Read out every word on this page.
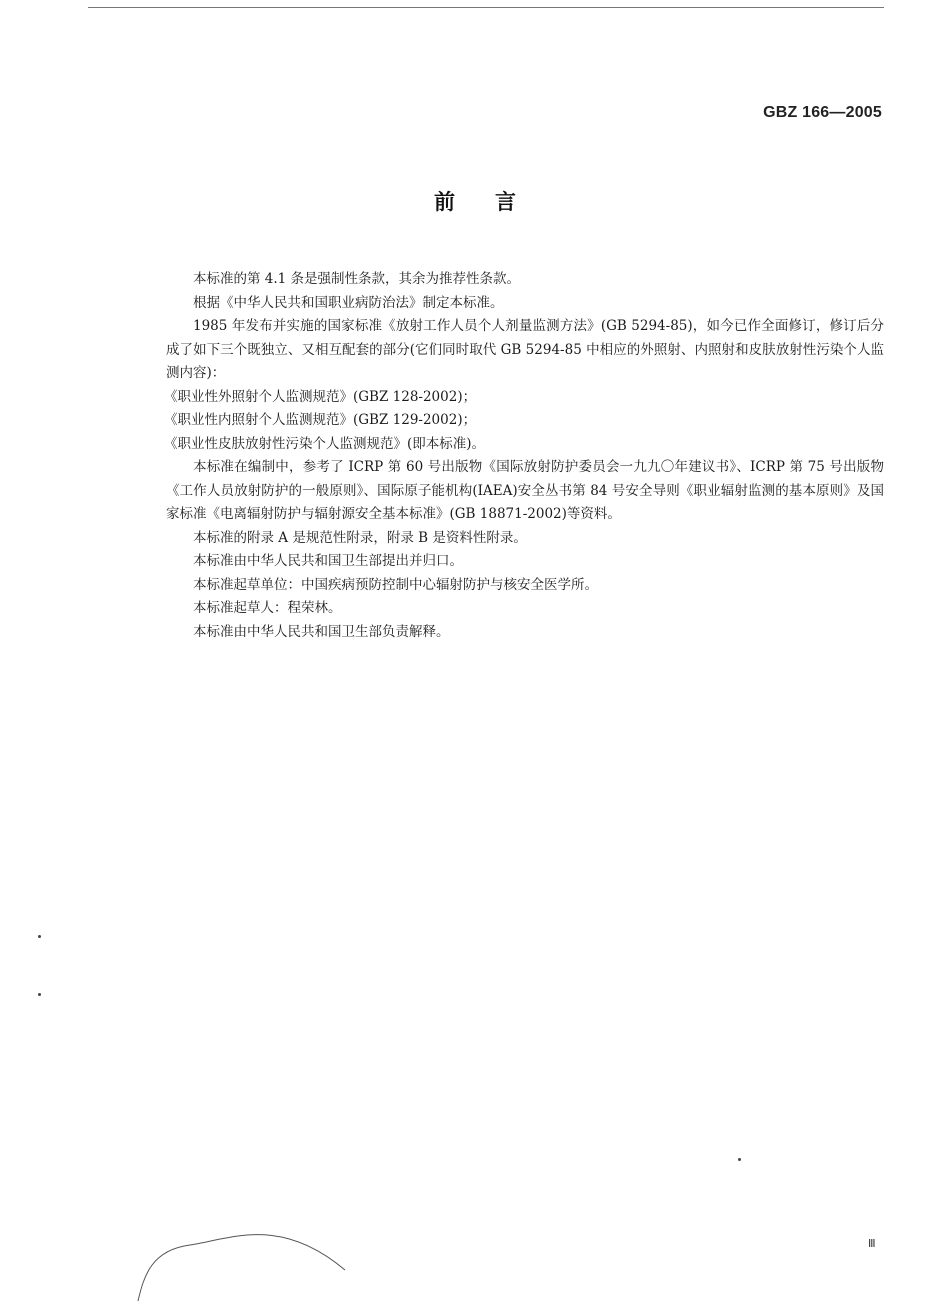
GBZ 166—2005
前言

本标准的第 4.1 条是强制性条款，其余为推荐性条款。

根据《中华人民共和国职业病防治法》制定本标准。

1985 年发布并实施的国家标准《放射工作人员个人剂量监测方法》(GB 5294-85)，如今已作全面修订，修订后分成了如下三个既独立、又相互配套的部分(它们同时取代 GB 5294-85 中相应的外照射、内照射和皮肤放射性污染个人监测内容)：

《职业性外照射个人监测规范》(GBZ 128-2002)；

《职业性内照射个人监测规范》(GBZ 129-2002)；

《职业性皮肤放射性污染个人监测规范》(即本标准)。

本标准在编制中，参考了 ICRP 第 60 号出版物《国际放射防护委员会一九九〇年建议书》、ICRP 第 75 号出版物《工作人员放射防护的一般原则》、国际原子能机构(IAEA)安全丛书第 84 号安全导则《职业辐射监测的基本原则》及国家标准《电离辐射防护与辐射源安全基本标准》(GB 18871-2002)等资料。

本标准的附录 A 是规范性附录，附录 B 是资料性附录。

本标准由中华人民共和国卫生部提出并归口。

本标准起草单位：中国疾病预防控制中心辐射防护与核安全医学所。

本标准起草人：程荣林。

本标准由中华人民共和国卫生部负责解释。

Ⅲ
